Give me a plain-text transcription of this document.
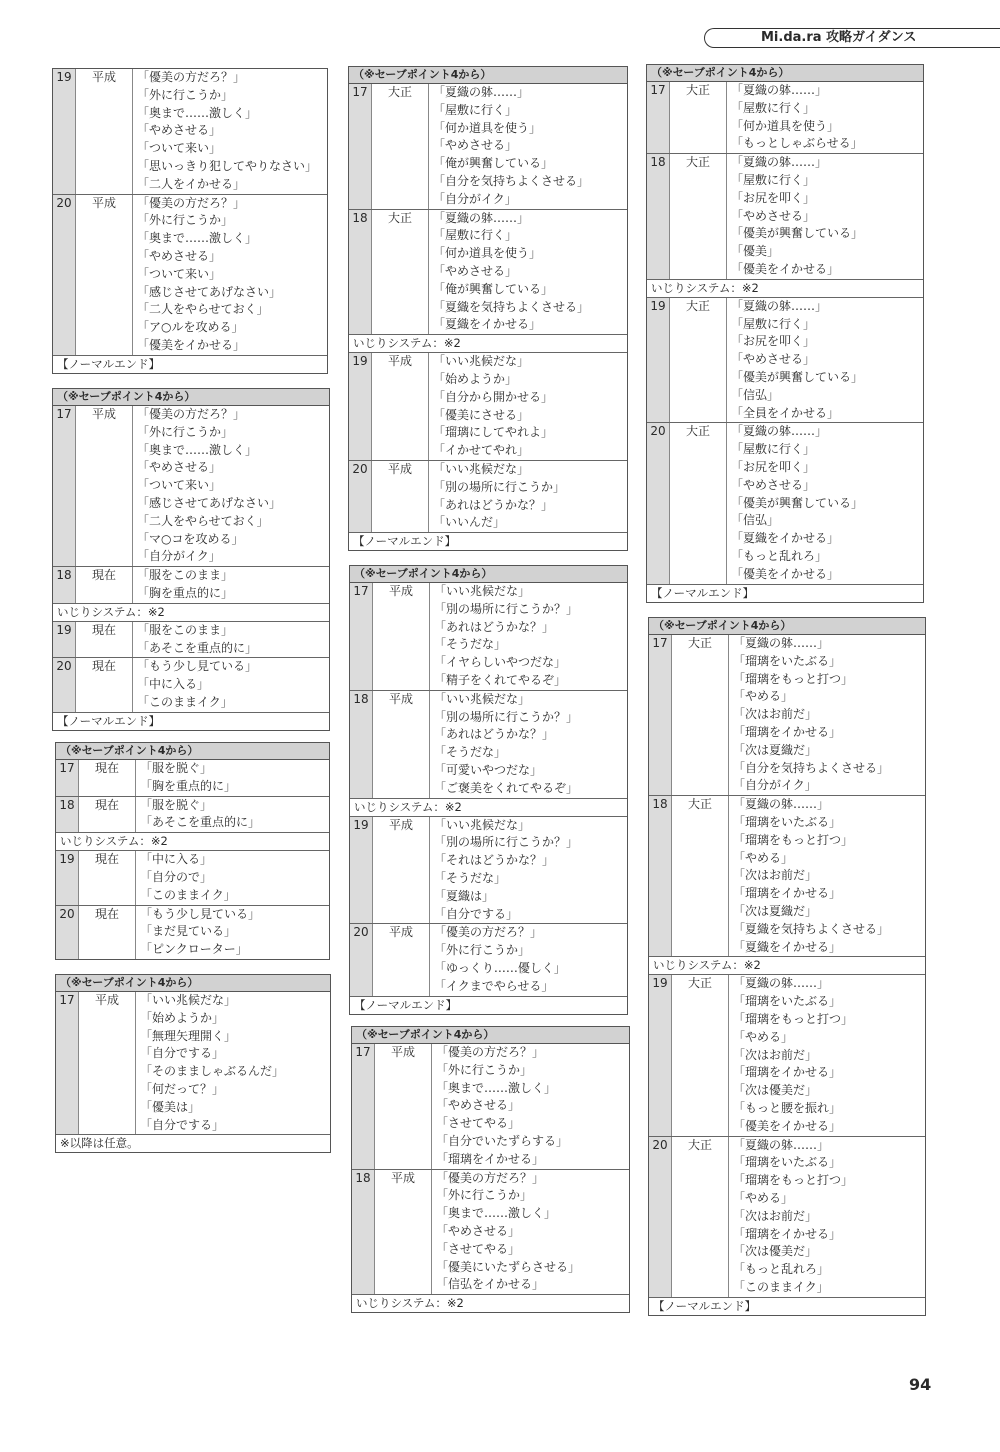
Mi.da.ra 攻略ガイダンス
19	平成	「優美の方だろ？」
「外に行こうか」
「奥まで……激しく」
「やめさせる」
「ついて来い」
「思いっきり犯してやりなさい」
「二人をイかせる」
20	平成	「優美の方だろ？」
「外に行こうか」
「奥まで……激しく」
「やめさせる」
「ついて来い」
「感じさせてあげなさい」
「二人をやらせておく」
「ア○ルを攻める」
「優美をイかせる」
【ノーマルエンド】
（※セーブポイント4から）
17	平成	「優美の方だろ？」
「外に行こうか」
「奥まで……激しく」
「やめさせる」
「ついて来い」
「感じさせてあげなさい」
「二人をやらせておく」
「マ○コを攻める」
「自分がイク」
18	現在	「服をこのまま」
「胸を重点的に」
いじりシステム：※2
19	現在	「服をこのまま」
「あそこを重点的に」
20	現在	「もう少し見ている」
「中に入る」
「このままイク」
【ノーマルエンド】
（※セーブポイント4から）
17	現在	「服を脱ぐ」
「胸を重点的に」
18	現在	「服を脱ぐ」
「あそこを重点的に」
いじりシステム：※2
19	現在	「中に入る」
「自分ので」
「このままイク」
20	現在	「もう少し見ている」
「まだ見ている」
「ピンクローター」
（※セーブポイント4から）
17	平成	「いい兆候だな」
「始めようか」
「無理矢理開く」
「自分でする」
「そのまましゃぶるんだ」
「何だって？」
「優美は」
「自分でする」
※以降は任意。
（※セーブポイント4から）
17	大正	「夏織の躰……」
「屋敷に行く」
「何か道具を使う」
「やめさせる」
「俺が興奮している」
「自分を気持ちよくさせる」
「自分がイク」
18	大正	「夏織の躰……」
「屋敷に行く」
「何か道具を使う」
「やめさせる」
「俺が興奮している」
「夏織を気持ちよくさせる」
「夏織をイかせる」
いじりシステム：※2
19	平成	「いい兆候だな」
「始めようか」
「自分から開かせる」
「優美にさせる」
「瑠璃にしてやれよ」
「イかせてやれ」
20	平成	「いい兆候だな」
「別の場所に行こうか」
「あれはどうかな？」
「いいんだ」
【ノーマルエンド】
（※セーブポイント4から）
17	平成	「いい兆候だな」
「別の場所に行こうか？」
「あれはどうかな？」
「そうだな」
「イヤらしいやつだな」
「精子をくれてやるぞ」
18	平成	「いい兆候だな」
「別の場所に行こうか？」
「あれはどうかな？」
「そうだな」
「可愛いやつだな」
「ご褒美をくれてやるぞ」
いじりシステム：※2
19	平成	「いい兆候だな」
「別の場所に行こうか？」
「それはどうかな？」
「そうだな」
「夏織は」
「自分でする」
20	平成	「優美の方だろ？」
「外に行こうか」
「ゆっくり……優しく」
「イクまでやらせる」
【ノーマルエンド】
（※セーブポイント4から）
17	平成	「優美の方だろ？」
「外に行こうか」
「奥まで……激しく」
「やめさせる」
「させてやる」
「自分でいたずらする」
「瑠璃をイかせる」
18	平成	「優美の方だろ？」
「外に行こうか」
「奥まで……激しく」
「やめさせる」
「させてやる」
「優美にいたずらさせる」
「信弘をイかせる」
いじりシステム：※2
（※セーブポイント4から）
17	大正	「夏織の躰……」
「屋敷に行く」
「何か道具を使う」
「もっとしゃぶらせる」
18	大正	「夏織の躰……」
「屋敷に行く」
「お尻を叩く」
「やめさせる」
「優美が興奮している」
「優美」
「優美をイかせる」
いじりシステム：※2
19	大正	「夏織の躰……」
「屋敷に行く」
「お尻を叩く」
「やめさせる」
「優美が興奮している」
「信弘」
「全員をイかせる」
20	大正	「夏織の躰……」
「屋敷に行く」
「お尻を叩く」
「やめさせる」
「優美が興奮している」
「信弘」
「夏織をイかせる」
「もっと乱れろ」
「優美をイかせる」
【ノーマルエンド】
（※セーブポイント4から）
17	大正	「夏織の躰……」
「瑠璃をいたぶる」
「瑠璃をもっと打つ」
「やめる」
「次はお前だ」
「瑠璃をイかせる」
「次は夏織だ」
「自分を気持ちよくさせる」
「自分がイク」
18	大正	「夏織の躰……」
「瑠璃をいたぶる」
「瑠璃をもっと打つ」
「やめる」
「次はお前だ」
「瑠璃をイかせる」
「次は夏織だ」
「夏織を気持ちよくさせる」
「夏織をイかせる」
いじりシステム：※2
19	大正	「夏織の躰……」
「瑠璃をいたぶる」
「瑠璃をもっと打つ」
「やめる」
「次はお前だ」
「瑠璃をイかせる」
「次は優美だ」
「もっと腰を振れ」
「優美をイかせる」
20	大正	「夏織の躰……」
「瑠璃をいたぶる」
「瑠璃をもっと打つ」
「やめる」
「次はお前だ」
「瑠璃をイかせる」
「次は優美だ」
「もっと乱れろ」
「このままイク」
【ノーマルエンド】
94
